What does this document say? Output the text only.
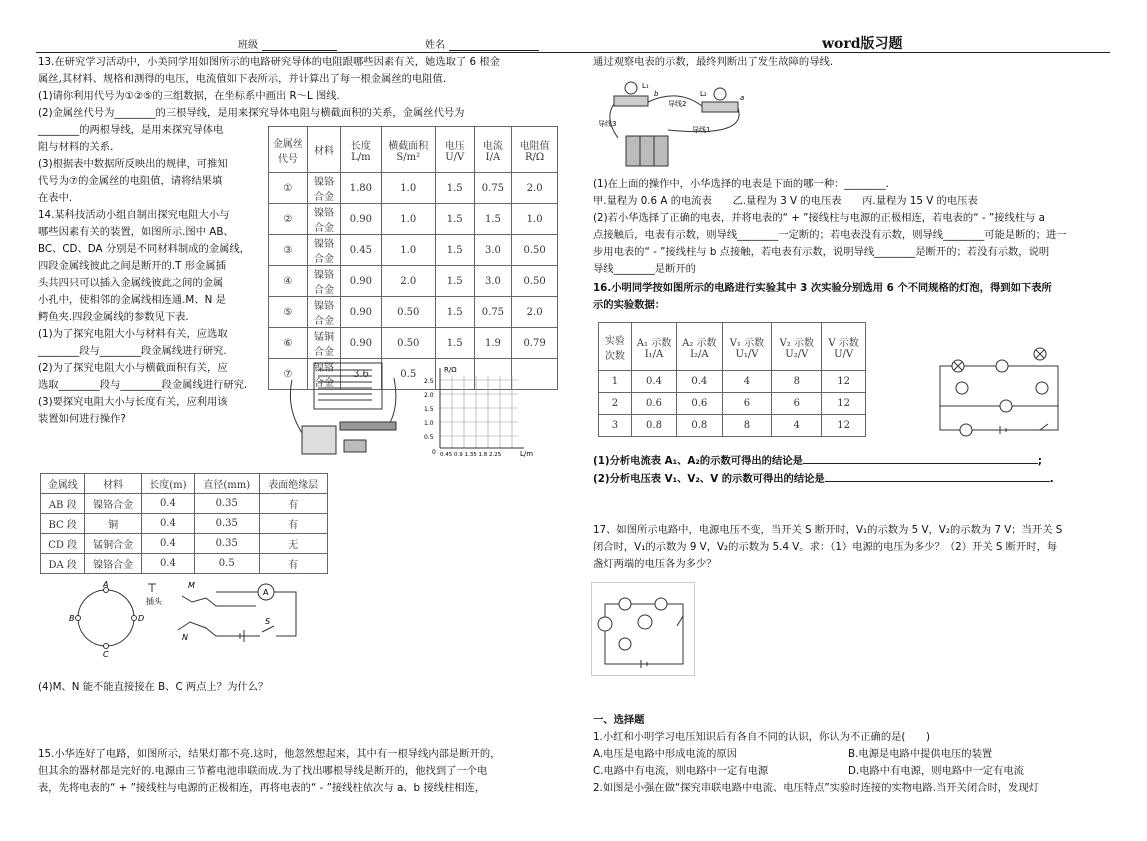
班级	姓名	word版习题

13.在研究学习活动中，小美同学用如图所示的电路研究导体的电阻跟哪些因素有关，她选取了 6 根金

属丝,其材料、规格和测得的电压，电流值如下表所示，并计算出了每一根金属丝的电阻值.

(1)请你利用代号为①②⑤的三组数据，在坐标系中画出 R～L 图线.

(2)金属丝代号为________的三根导线，是用来探究导体电阻与横截面积的关系，金属丝代号为

________的两根导线，是用来探究导体电

阻与材料的关系.

(3)根据表中数据所反映出的规律，可推知

代号为⑦的金属丝的电阻值，请将结果填

在表中.

14.某科技活动小组自制出探究电阻大小与

哪些因素有关的装置，如图所示.图中 AB、

BC、CD、DA 分别是不同材料制成的金属线，

四段金属线彼此之间是断开的.T 形金属插

头共四只可以插入金属线彼此之间的金属

小孔中，使相邻的金属线相连通.M、N 是

鳄鱼夹.四段金属线的参数见下表.

(1)为了探究电阻大小与材料有关，应选取

________段与________段金属线进行研究.

(2)为了探究电阻大小与横截面积有关，应

选取________段与________段金属线进行研究.

(3)要探究电阻大小与长度有关，应利用该

装置如何进行操作?

金属丝代号	材料	长度 L/m	横截面积 S/m²	电压 U/V	电流 I/A	电阻值 R/Ω
①	镍铬合金	1.80	1.0	1.5	0.75	2.0
②	镍铬合金	0.90	1.0	1.5	1.5	1.0
③	镍铬合金	0.45	1.0	1.5	3.0	0.50
④	镍铬合金	0.90	2.0	1.5	3.0	0.50
⑤	镍铬合金	0.90	0.50	1.5	0.75	2.0
⑥	锰铜合金	0.90	0.50	1.5	1.9	0.79
⑦	镍铬合金	3.6	0.5				R/Ω
2.5
2.0
1.5
1.0
0.5
0 0.45 0.9 1.35 1.8 2.25	L/m
金属线	材料	长度(m)	直径(mm)	表面绝缘层
AB 段	镍铬合金	0.4	0.35	有
BC 段	铜	0.4	0.35	有
CD 段	锰铜合金	0.4	0.35	无
DA 段	镍铬合金	0.4	0.5	有
A
B	D
C
插头
M
N
A
S

(4)M、N 能不能直接接在 B、C 两点上？为什么？

15.小华连好了电路，如图所示，结果灯都不亮.这时，他忽然想起来，其中有一根导线内部是断开的，

但其余的器材都是完好的.电源由三节蓄电池串联而成.为了找出哪根导线是断开的，他找到了一个电

表，先将电表的“ + ”接线柱与电源的正极相连，再将电表的“ - ”接线柱依次与 a、b 接线柱相连，

通过观察电表的示数，最终判断出了发生故障的导线.

L₁
b	L₂	a
导线2
导线1
导线3

(1)在上面的操作中，小华选择的电表是下面的哪一种：________.

甲.量程为 0.6 A 的电流表　　乙.量程为 3 V 的电压表　　丙.量程为 15 V 的电压表

(2)若小华选择了正确的电表，并将电表的“ + ”接线柱与电源的正极相连，若电表的“ - ”接线柱与 a

点接触后，电表有示数，则导线________一定断的；若电表没有示数，则导线________可能是断的；进一

步用电表的“ - ”接线柱与 b 点接触，若电表有示数，说明导线________是断开的；若没有示数，说明

导线________是断开的

16.小明同学按如图所示的电路进行实验其中 3 次实验分别选用 6 个不同规格的灯泡，得到如下表所

示的实验数据：

实验次数	A₁ 示数 I₁/A	A₂ 示数 I₂/A	V₁ 示数 U₁/V	V₂ 示数 U₂/V	V 示数 U/V
1	0.4	0.4	4	8	12
2	0.6	0.6	6	6	12
3	0.8	0.8	8	4	12

(1)分析电流表 A₁、A₂的示数可得出的结论是	;

(2)分析电压表 V₁、V₂、V 的示数可得出的结论是	.

17、如图所示电路中，电源电压不变，当开关 S 断开时，V₁的示数为 5 V，V₂的示数为 7 V；当开关 S

闭合时，V₁的示数为 9 V，V₂的示数为 5.4 V。求：（1）电源的电压为多少？（2）开关 S 断开时，每

盏灯两端的电压各为多少？

一、选择题

1.小红和小明学习电压知识后有各自不同的认识，你认为不正确的是(　　)

A.电压是电路中形成电流的原因	B.电源是电路中提供电压的装置

C.电路中有电流，则电路中一定有电源	D.电路中有电源，则电路中一定有电流

2.如图是小强在做“探究串联电路中电流、电压特点”实验时连接的实物电路.当开关闭合时，发现灯
